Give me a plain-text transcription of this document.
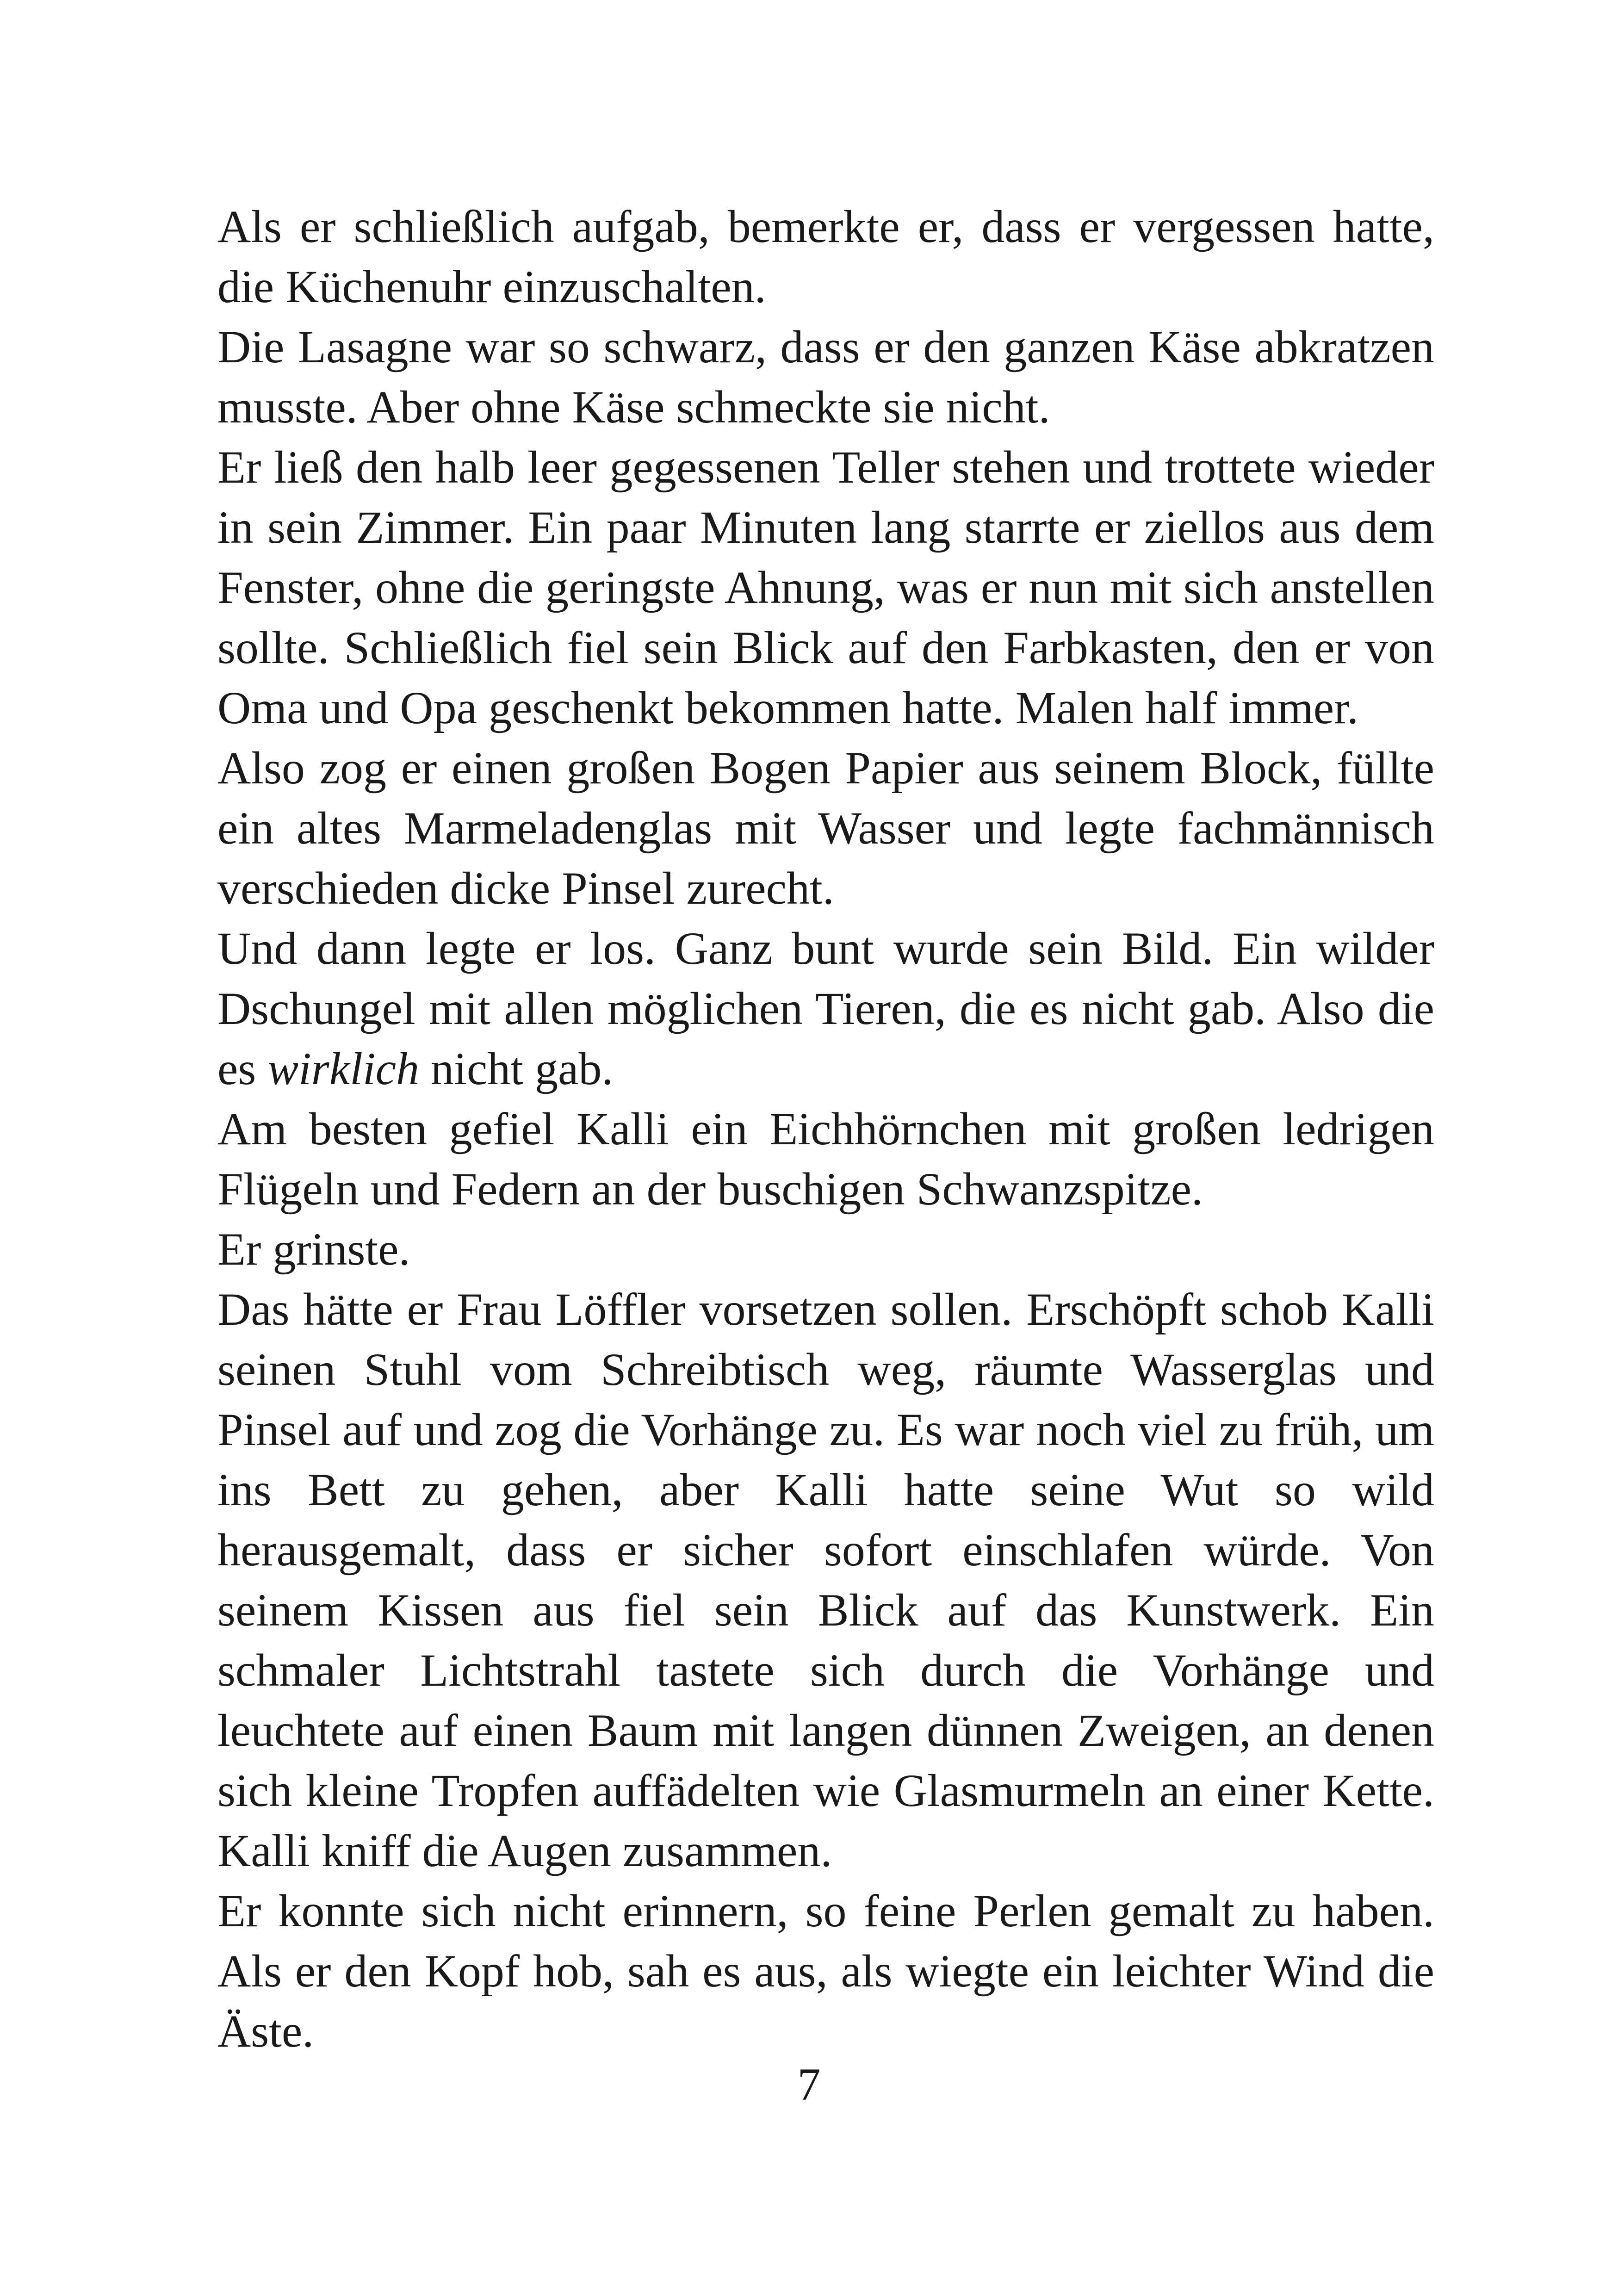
Als er schließlich aufgab, bemerkte er, dass er vergessen hatte, die Küchenuhr einzuschalten.

Die Lasagne war so schwarz, dass er den ganzen Käse abkratzen musste. Aber ohne Käse schmeckte sie nicht.

Er ließ den halb leer gegessenen Teller stehen und trottete wieder in sein Zimmer. Ein paar Minuten lang starrte er ziellos aus dem Fenster, ohne die geringste Ahnung, was er nun mit sich anstellen sollte. Schließlich fiel sein Blick auf den Farbkasten, den er von Oma und Opa geschenkt bekommen hatte. Malen half immer.

Also zog er einen großen Bogen Papier aus seinem Block, füllte ein altes Marmeladenglas mit Wasser und legte fachmännisch verschieden dicke Pinsel zurecht.

Und dann legte er los. Ganz bunt wurde sein Bild. Ein wilder Dschungel mit allen möglichen Tieren, die es nicht gab. Also die es wirklich nicht gab.

Am besten gefiel Kalli ein Eichhörnchen mit großen ledrigen Flügeln und Federn an der buschigen Schwanzspitze.

Er grinste.

Das hätte er Frau Löffler vorsetzen sollen. Erschöpft schob Kalli seinen Stuhl vom Schreibtisch weg, räumte Wasserglas und Pinsel auf und zog die Vorhänge zu. Es war noch viel zu früh, um ins Bett zu gehen, aber Kalli hatte seine Wut so wild herausgemalt, dass er sicher sofort einschlafen würde. Von seinem Kissen aus fiel sein Blick auf das Kunstwerk. Ein schmaler Lichtstrahl tastete sich durch die Vorhänge und leuchtete auf einen Baum mit langen dünnen Zweigen, an denen sich kleine Tropfen auffädelten wie Glasmurmeln an einer Kette. Kalli kniff die Augen zusammen.

Er konnte sich nicht erinnern, so feine Perlen gemalt zu haben. Als er den Kopf hob, sah es aus, als wiegte ein leichter Wind die Äste.

7
